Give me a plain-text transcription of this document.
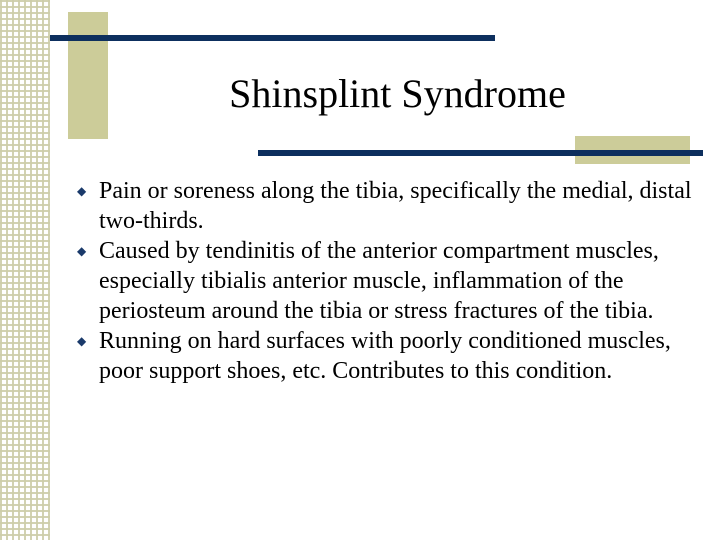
Shinsplint Syndrome
◆ Pain or soreness along the tibia, specifically the medial, distal two-thirds.
◆ Caused by tendinitis of the anterior compartment muscles, especially tibialis anterior muscle, inflammation of the periosteum around the tibia or stress fractures of the tibia.
◆ Running on hard surfaces with poorly conditioned muscles, poor support shoes, etc. Contributes to this condition.
